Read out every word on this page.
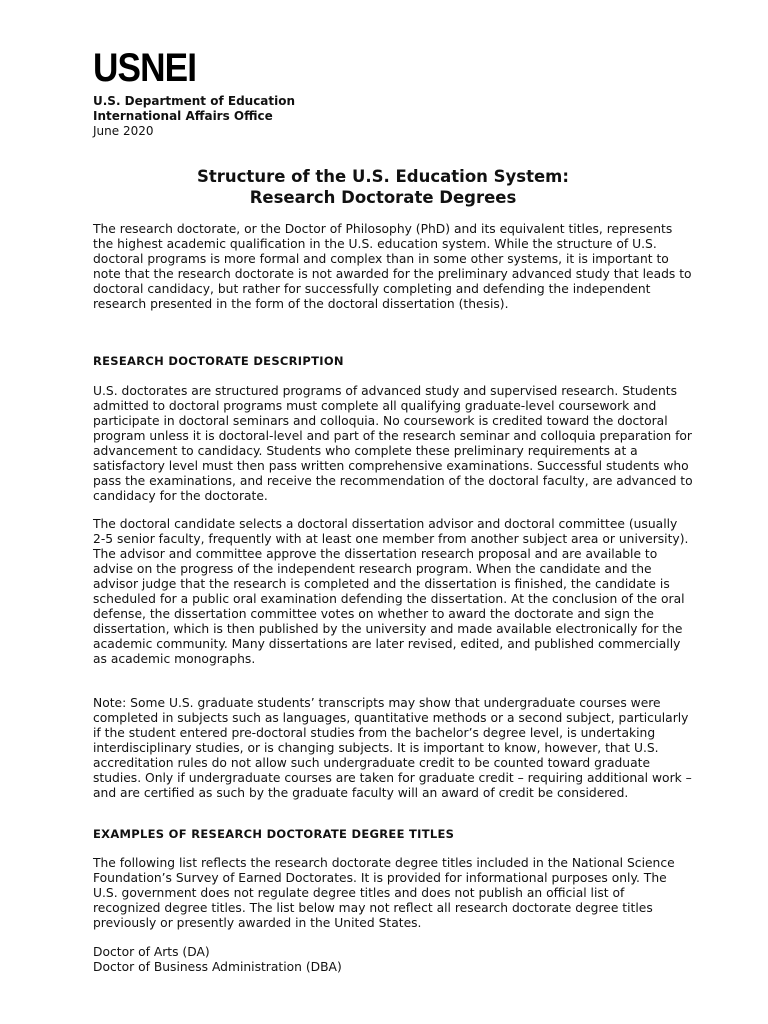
USNEI
U.S. Department of Education
International Affairs Office
June 2020
Structure of the U.S. Education System:
Research Doctorate Degrees

The research doctorate, or the Doctor of Philosophy (PhD) and its equivalent titles, represents the highest academic qualification in the U.S. education system. While the structure of U.S. doctoral programs is more formal and complex than in some other systems, it is important to note that the research doctorate is not awarded for the preliminary advanced study that leads to doctoral candidacy, but rather for successfully completing and defending the independent research presented in the form of the doctoral dissertation (thesis).

RESEARCH DOCTORATE DESCRIPTION

U.S. doctorates are structured programs of advanced study and supervised research. Students admitted to doctoral programs must complete all qualifying graduate-level coursework and participate in doctoral seminars and colloquia. No coursework is credited toward the doctoral program unless it is doctoral-level and part of the research seminar and colloquia preparation for advancement to candidacy. Students who complete these preliminary requirements at a satisfactory level must then pass written comprehensive examinations. Successful students who pass the examinations, and receive the recommendation of the doctoral faculty, are advanced to candidacy for the doctorate.

The doctoral candidate selects a doctoral dissertation advisor and doctoral committee (usually 2-5 senior faculty, frequently with at least one member from another subject area or university). The advisor and committee approve the dissertation research proposal and are available to advise on the progress of the independent research program. When the candidate and the advisor judge that the research is completed and the dissertation is finished, the candidate is scheduled for a public oral examination defending the dissertation. At the conclusion of the oral defense, the dissertation committee votes on whether to award the doctorate and sign the dissertation, which is then published by the university and made available electronically for the academic community. Many dissertations are later revised, edited, and published commercially as academic monographs.

Note: Some U.S. graduate students’ transcripts may show that undergraduate courses were completed in subjects such as languages, quantitative methods or a second subject, particularly if the student entered pre-doctoral studies from the bachelor’s degree level, is undertaking interdisciplinary studies, or is changing subjects. It is important to know, however, that U.S. accreditation rules do not allow such undergraduate credit to be counted toward graduate studies. Only if undergraduate courses are taken for graduate credit – requiring additional work – and are certified as such by the graduate faculty will an award of credit be considered.

EXAMPLES OF RESEARCH DOCTORATE DEGREE TITLES

The following list reflects the research doctorate degree titles included in the National Science Foundation’s Survey of Earned Doctorates. It is provided for informational purposes only. The U.S. government does not regulate degree titles and does not publish an official list of recognized degree titles. The list below may not reflect all research doctorate degree titles previously or presently awarded in the United States.

Doctor of Arts (DA)
Doctor of Business Administration (DBA)
